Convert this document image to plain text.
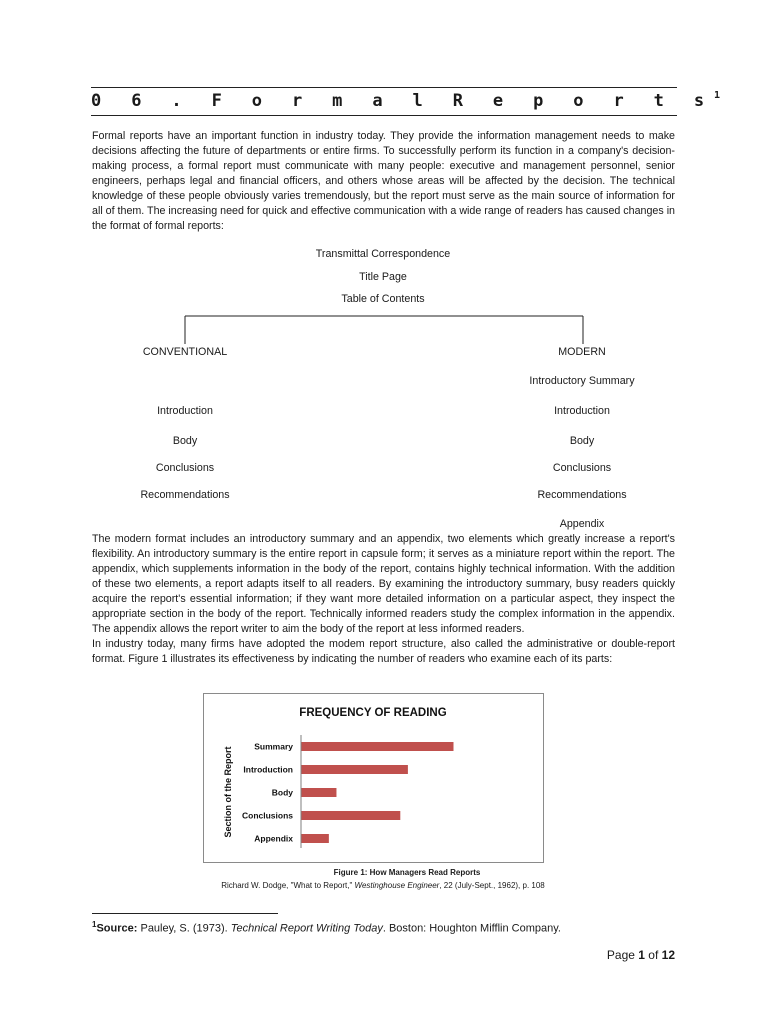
0 6 . F o r m a l R e p o r t $s^1$

Formal reports have an important function in industry today. They provide the information management needs to make decisions affecting the future of departments or entire firms. To successfully perform its function in a company's decision-making process, a formal report must communicate with many people: executive and management personnel, senior engineers, perhaps legal and financial officers, and others whose areas will be affected by the decision. The technical knowledge of these people obviously varies tremendously, but the report must serve as the main source of information for all of them. The increasing need for quick and effective communication with a wide range of readers has caused changes in the format of formal reports:

Transmittal Correspondence
Title Page
Table of Contents
CONVENTIONAL
Introduction
Body
Conclusions
Recommendations
MODERN
Introductory Summary
Introduction
Body
Conclusions
Recommendations
Appendix

The modern format includes an introductory summary and an appendix, two elements which greatly increase a report's flexibility. An introductory summary is the entire report in capsule form; it serves as a miniature report within the report. The appendix, which supplements information in the body of the report, contains highly technical information. With the addition of these two elements, a report adapts itself to all readers. By examining the introductory summary, busy readers quickly acquire the report's essential information; if they want more detailed information on a particular aspect, they inspect the appropriate section in the body of the report. Technically informed readers study the complex information in the appendix. The appendix allows the report writer to aim the body of the report at less informed readers.

In industry today, many firms have adopted the modem report structure, also called the administrative or double-report format. Figure 1 illustrates its effectiveness by indicating the number of readers who examine each of its parts:

FREQUENCY OF READING
Section of the Report	Summary
Introduction
Body
Conclusions
Appendix
Figure 1: How Managers Read Reports
Richard W. Dodge, "What to Report," Westinghouse Engineer, 22 (July-Sept., 1962), p. 108
$^1$Source: Pauley, S. (1973). Technical Report Writing Today. Boston: Houghton Mifflin Company.
Page 1 of 12
